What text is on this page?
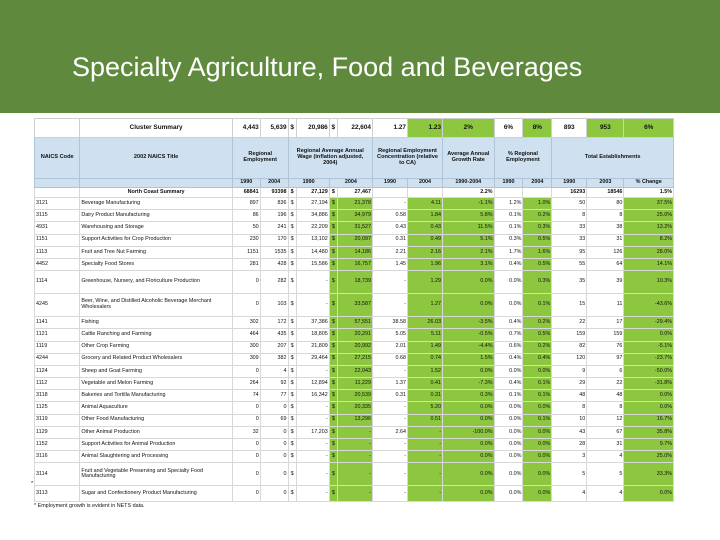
Specialty Agriculture, Food and Beverages
	Cluster Summary	4,443	5,639	$	20,986	$	22,604	1.27	1.23	2%	6%	8%	893	953	6%
NAICS Code	2002 NAICS Title	Regional Employment		Regional Average Annual Wage (inflation adjusted, 2004)				Regional Employment Concentration (relative to CA)		Average Annual Growth Rate	% Regional Employment		Total Establishments		
		1990	2004	1990		2004		1990	2004	1990-2004	1990	2004	1990	2003	% Change
	North Coast Summary	68841	93398	$	27,129	$	27,467			2.2%			16293	18546	1.5%
3121	Beverage Manufacturing	897	836	$	27,194	$	21,378	-	4.11	-1.1%	1.2%	1.0%	50	80	37.5%
3115	Dairy Product Manufacturing	86	196	$	34,886	$	34,979	0.58	1.84	5.8%	0.1%	0.2%	8	8	25.0%
4931	Warehousing and Storage	50	241	$	22,209	$	31,527	0.43	0.43	11.5%	0.1%	0.3%	33	38	13.2%
1151	Support Activities for Crop Production	230	170	$	13,102	$	20,097	0.31	0.49	5.1%	0.3%	0.5%	33	31	8.2%
1113	Fruit and Tree Nut Farming	1151	1535	$	14,480	$	14,186	2.21	2.16	2.1%	1.7%	1.6%	95	126	28.0%
4452	Specialty Food Stores	281	428	$	15,586	$	16,757	1.45	1.96	3.1%	0.4%	0.5%	55	64	14.1%
1114	Greenhouse, Nursery, and Floriculture Production	0	282	$	-	$	18,739	-	1.29	0.0%	0.0%	0.3%	35	39	10.3%
4245	Beer, Wine, and Distilled Alcoholic Beverage Merchant Wholesalers	0	103	$	-	$	33,587	-	1.27	0.0%	0.0%	0.1%	15	11	-43.6%
1141	Fishing	302	172	$	37,386	$	57,551	38.58	26.03	-3.5%	0.4%	0.2%	22	17	-29.4%
1121	Cattle Ranching and Farming	464	435	$	18,805	$	20,291	5.05	5.11	-0.5%	0.7%	0.5%	159	159	0.0%
1119	Other Crop Farming	300	207	$	21,809	$	20,992	2.01	1.49	-4.4%	0.6%	0.2%	82	76	-5.1%
4244	Grocery and Related Product Wholesalers	309	382	$	29,464	$	27,215	0.68	0.74	1.5%	0.4%	0.4%	120	97	-23.7%
1124	Sheep and Goat Farming	0	4	$	-	$	22,043	-	1.52	0.0%	0.0%	0.0%	9	6	-50.0%
1112	Vegetable and Melon Farming	264	92	$	12,894	$	11,229	1.37	0.41	-7.3%	0.4%	0.1%	29	22	-31.8%
3118	Bakeries and Tortilla Manufacturing	74	77	$	16,342	$	20,539	0.31	0.31	0.3%	0.1%	0.1%	48	48	0.0%
1125	Animal Aquaculture	0	0	$	-	$	20,335	-	5.20	0.0%	0.0%	0.0%	8	8	0.0%
3119	Other Food Manufacturing	0	69	$	-	$	13,296	-	0.51	0.0%	0.0%	0.1%	10	12	16.7%
1129	Other Animal Production	32	0	$	17,203	$	-	2.64	-	-100.0%	0.0%	0.0%	43	67	35.8%
1152	Support Activities for Animal Production	0	0	$	-	$	-	-	-	0.0%	0.0%	0.0%	28	31	9.7%
3116	Animal Slaughtering and Processing	0	0	$	-	$	-	-	-	0.0%	0.0%	0.0%	3	4	25.0%
3114	Fruit and Vegetable Preserving and Specialty Food Manufacturing	0	0	$	-	$	-	-	-	0.0%	0.0%	0.0%	5	5	33.3%
3113	Sugar and Confectionery Product Manufacturing	0	0	$	-	$	-	-	-	0.0%	0.0%	0.0%	4	4	0.0%
*
* Employment growth is evident in NETS data.
